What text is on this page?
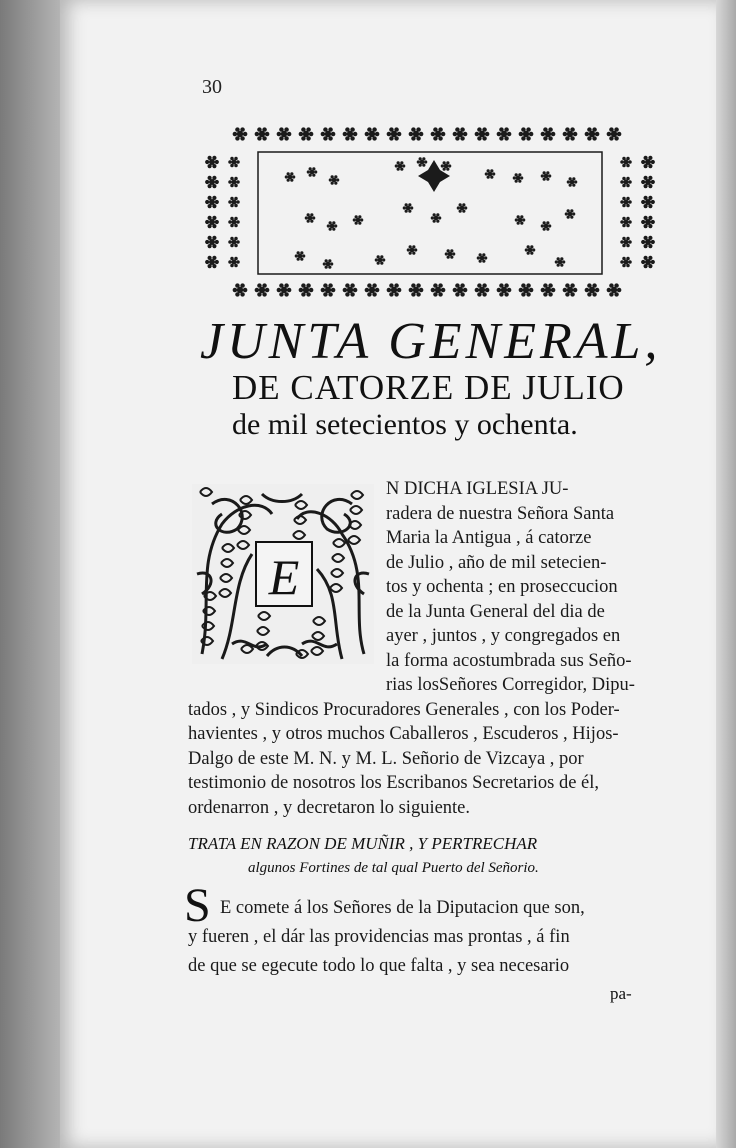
30
JUNTA GENERAL,
DE CATORZE DE JULIO
de mil setecientos y ochenta.
E
N DICHA IGLESIA JU-
radera de nuestra Señora Santa
Maria la Antigua , á catorze
de Julio , año de mil setecien-
tos y ochenta ; en proseccucion
de la Junta General del dia de
ayer , juntos , y congregados en
la forma acostumbrada sus Seño-
rias losSeñores Corregidor, Dipu-
tados , y Sindicos Procuradores Generales , con los Poder-
havientes , y otros muchos Caballeros , Escuderos , Hijos-
Dalgo de este M. N. y M. L. Señorio de Vizcaya , por
testimonio de nosotros los Escribanos Secretarios de él,
ordenarron , y decretaron lo siguiente.
TRATA EN RAZON DE MUÑIR , Y PERTRECHAR
algunos Fortines de tal qual Puerto del Señorio.
S E comete á los Señores de la Diputacion que son,
y fueren , el dár las providencias mas prontas , á fin
de que se egecute todo lo que falta , y sea necesario
pa-
